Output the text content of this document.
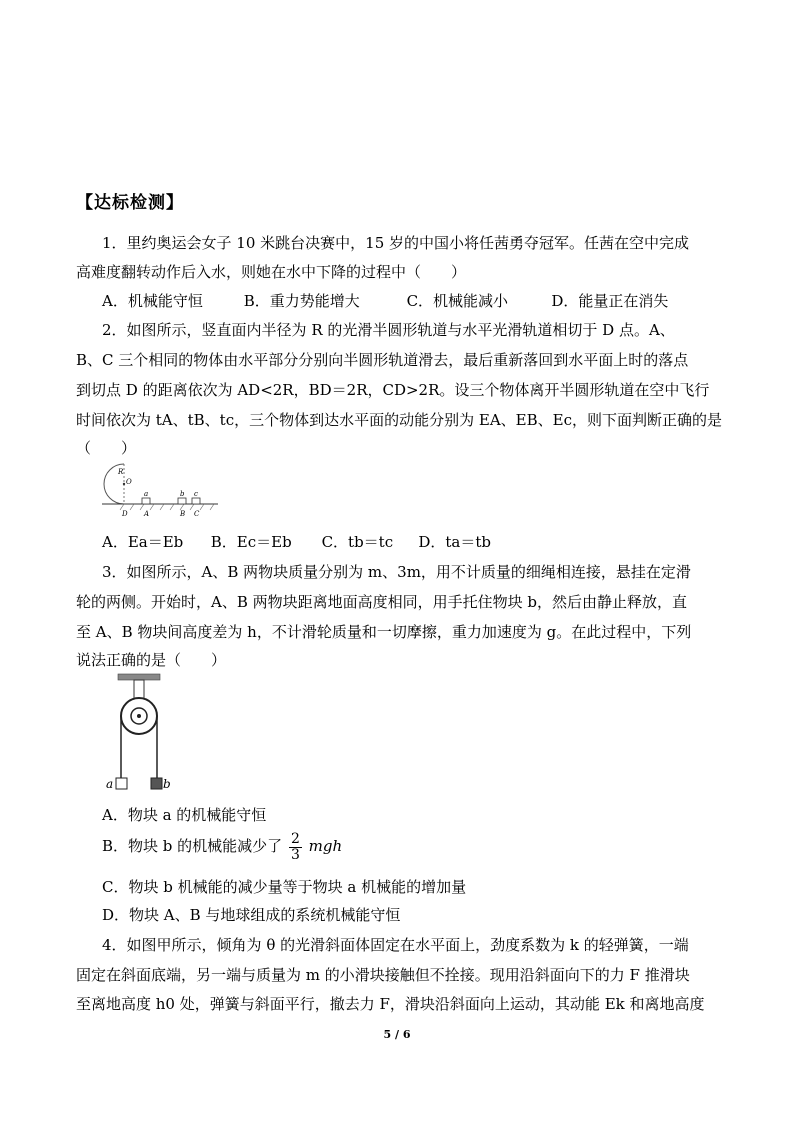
【达标检测】
1．里约奥运会女子 10 米跳台决赛中，15 岁的中国小将任茜勇夺冠军。任茜在空中完成
高难度翻转动作后入水，则她在水中下降的过程中（　　）
A．机械能守恒	B．重力势能增大	C．机械能减小	D．能量正在消失
2．如图所示，竖直面内半径为 R 的光滑半圆形轨道与水平光滑轨道相切于 D 点。A、
B、C 三个相同的物体由水平部分分别向半圆形轨道滑去，最后重新落回到水平面上时的落点
到切点 D 的距离依次为 AD<2R，BD＝2R，CD>2R。设三个物体离开半圆形轨道在空中飞行
时间依次为 tA、tB、tc，三个物体到达水平面的动能分别为 EA、EB、Ec，则下面判断正确的是
（　　）
O
R
a	b c
D A	B C
A．Ea＝Eb B．Ec＝Eb C．tb＝tc D．ta＝tb
3．如图所示，A、B 两物块质量分别为 m、3m，用不计质量的细绳相连接，悬挂在定滑
轮的两侧。开始时，A、B 两物块距离地面高度相同，用手托住物块 b，然后由静止释放，直
至 A、B 物块间高度差为 h，不计滑轮质量和一切摩擦，重力加速度为 g。在此过程中，下列
说法正确的是（　　）
a	b
A．物块 a 的机械能守恒
B．物块 b 的机械能减少了 $\frac{2}{3}$ mgh
C．物块 b 机械能的减少量等于物块 a 机械能的增加量
D．物块 A、B 与地球组成的系统机械能守恒
4．如图甲所示，倾角为 θ 的光滑斜面体固定在水平面上，劲度系数为 k 的轻弹簧，一端
固定在斜面底端，另一端与质量为 m 的小滑块接触但不拴接。现用沿斜面向下的力 F 推滑块
至离地高度 h0 处，弹簧与斜面平行，撤去力 F，滑块沿斜面向上运动，其动能 Ek 和离地高度
5 / 6
